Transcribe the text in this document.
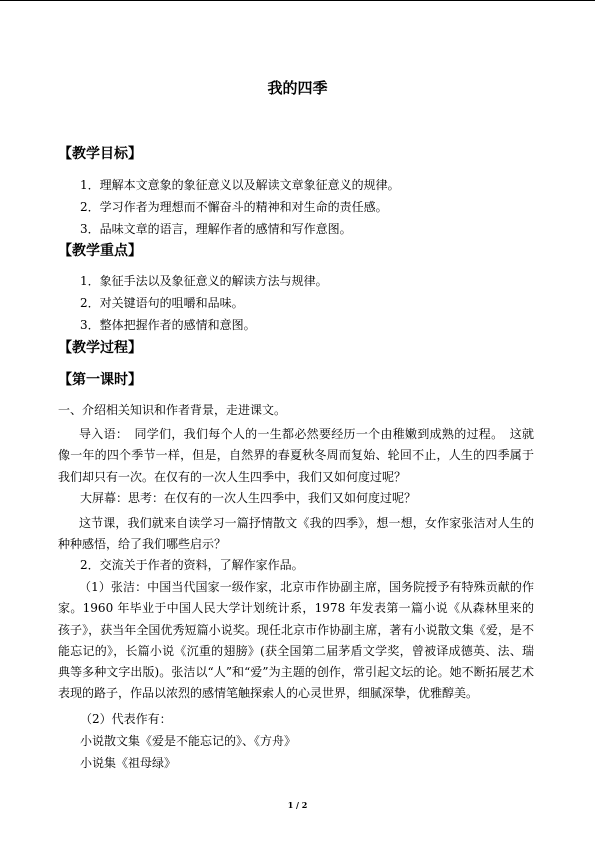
我的四季
【教学目标】
1．理解本文意象的象征意义以及解读文章象征意义的规律。
2．学习作者为理想而不懈奋斗的精神和对生命的责任感。
3．品味文章的语言，理解作者的感情和写作意图。
【教学重点】
1．象征手法以及象征意义的解读方法与规律。
2．对关键语句的咀嚼和品味。
3．整体把握作者的感情和意图。
【教学过程】
【第一课时】
一、介绍相关知识和作者背景，走进课文。

导入语：　同学们，我们每个人的一生都必然要经历一个由稚嫩到成熟的过程。　这就像一年的四个季节一样，但是，自然界的春夏秋冬周而复始、轮回不止，人生的四季属于我们却只有一次。在仅有的一次人生四季中，我们又如何度过呢？

大屏幕：思考：在仅有的一次人生四季中，我们又如何度过呢？

这节课，我们就来自读学习一篇抒情散文《我的四季》，想一想，女作家张洁对人生的种种感悟，给了我们哪些启示？

2．交流关于作者的资料，了解作家作品。

（1）张洁：中国当代国家一级作家，北京市作协副主席，国务院授予有特殊贡献的作家。1960 年毕业于中国人民大学计划统计系，1978 年发表第一篇小说《从森林里来的孩子》，获当年全国优秀短篇小说奖。现任北京市作协副主席，著有小说散文集《爱，是不能忘记的》，长篇小说《沉重的翅膀》(获全国第二届茅盾文学奖，曾被译成德英、法、瑞典等多种文字出版)。张洁以“人”和“爱”为主题的创作，常引起文坛的论。她不断拓展艺术表现的路子，作品以浓烈的感情笔触探索人的心灵世界，细腻深挚，优雅醇美。

（2）代表作有：
小说散文集《爱是不能忘记的》、《方舟》
小说集《祖母绿》
1 / 2
